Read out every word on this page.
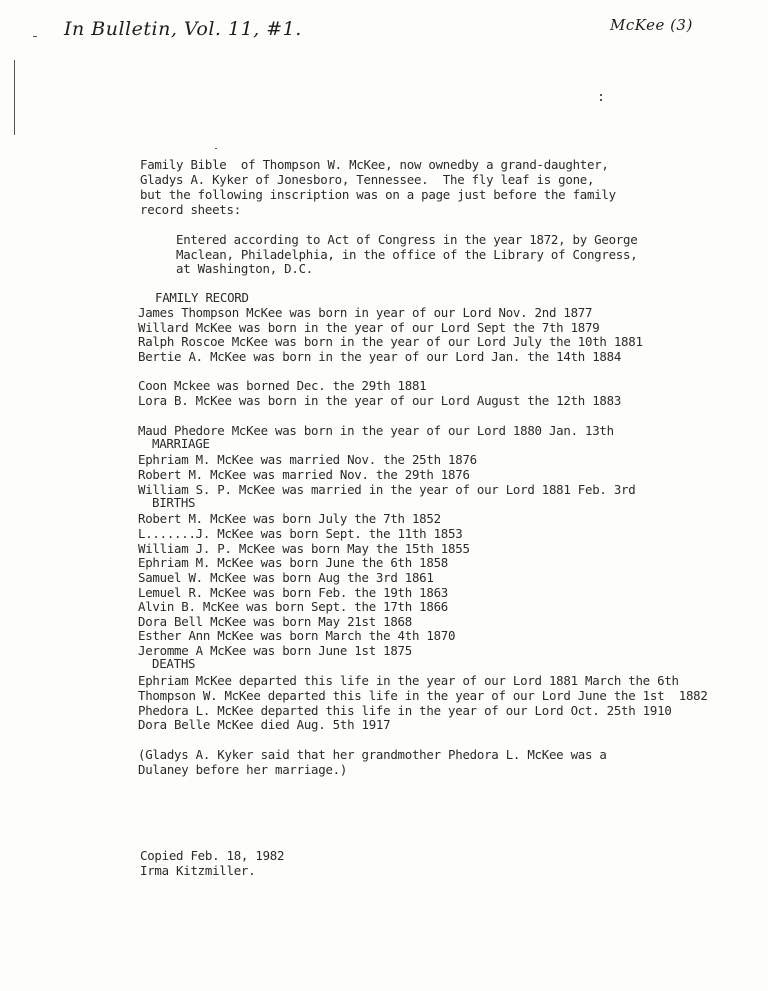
In Bulletin, Vol. 11, #1.	McKee (3)

Family Bible  of Thompson W. McKee, now ownedby a grand-daughter,

Gladys A. Kyker of Jonesboro, Tennessee.  The fly leaf is gone,

but the following inscription was on a page just before the family

record sheets:

Entered according to Act of Congress in the year 1872, by George

Maclean, Philadelphia, in the office of the Library of Congress,

at Washington, D.C.

FAMILY RECORD

James Thompson McKee was born in year of our Lord Nov. 2nd 1877

Willard McKee was born in the year of our Lord Sept the 7th 1879

Ralph Roscoe McKee was born in the year of our Lord July the 10th 1881

Bertie A. McKee was born in the year of our Lord Jan. the 14th 1884

Coon Mckee was borned Dec. the 29th 1881

Lora B. McKee was born in the year of our Lord August the 12th 1883

Maud Phedore McKee was born in the year of our Lord 1880 Jan. 13th

MARRIAGE

Ephriam M. McKee was married Nov. the 25th 1876

Robert M. McKee was married Nov. the 29th 1876

William S. P. McKee was married in the year of our Lord 1881 Feb. 3rd

BIRTHS

Robert M. McKee was born July the 7th 1852

L.......J. McKee was born Sept. the 11th 1853

William J. P. McKee was born May the 15th 1855

Ephriam M. McKee was born June the 6th 1858

Samuel W. McKee was born Aug the 3rd 1861

Lemuel R. McKee was born Feb. the 19th 1863

Alvin B. McKee was born Sept. the 17th 1866

Dora Bell McKee was born May 21st 1868

Esther Ann McKee was born March the 4th 1870

Jeromme A McKee was born June 1st 1875

DEATHS

Ephriam McKee departed this life in the year of our Lord 1881 March the 6th

Thompson W. McKee departed this life in the year of our Lord June the 1st  1882

Phedora L. McKee departed this life in the year of our Lord Oct. 25th 1910

Dora Belle McKee died Aug. 5th 1917

(Gladys A. Kyker said that her grandmother Phedora L. McKee was a

Dulaney before her marriage.)

Copied Feb. 18, 1982

Irma Kitzmiller.
